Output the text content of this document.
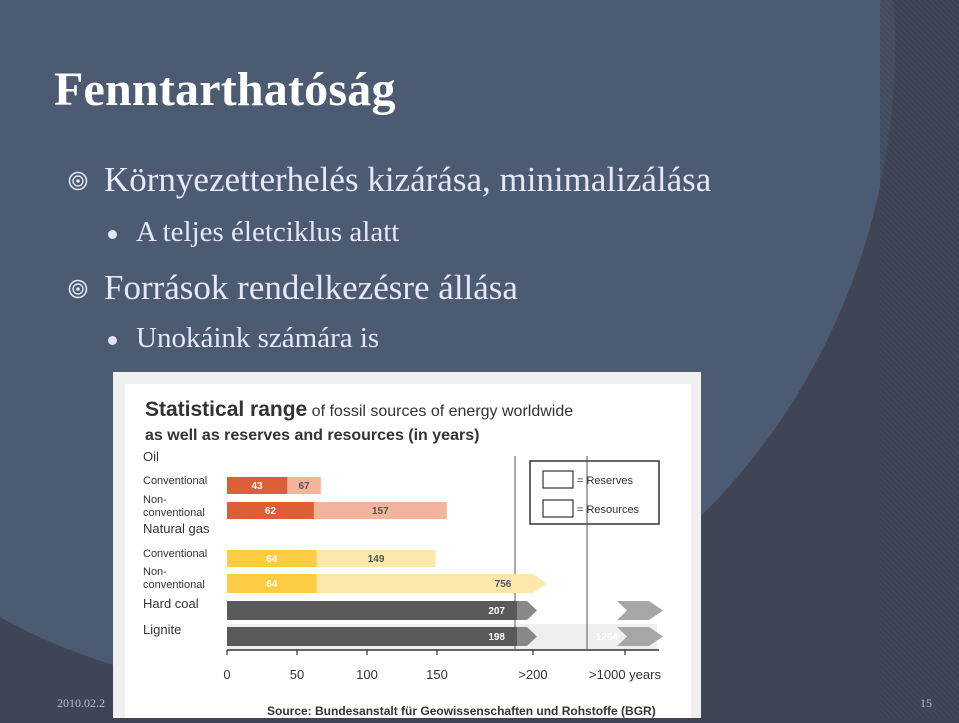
Fenntarthatóság
Környezetterhelés kizárása, minimalizálása
A teljes életciklus alatt
Források rendelkezésre állása
Unokáink számára is
Statistical range of fossil sources of energy worldwide
as well as reserves and resources (in years)
= Reserves
= Resources
Oil
Natural gas
0	50	100	150	>200	>1000 years
Conventional	43	67
Non-
conventional	62	157
Conventional	64	149
Non-
conventional	64	756
Hard coal
207	1425
Lignite
198	1264
Source: Bundesanstalt für Geowissenschaften und Rohstoffe (BGR)
2010.02.2	15
